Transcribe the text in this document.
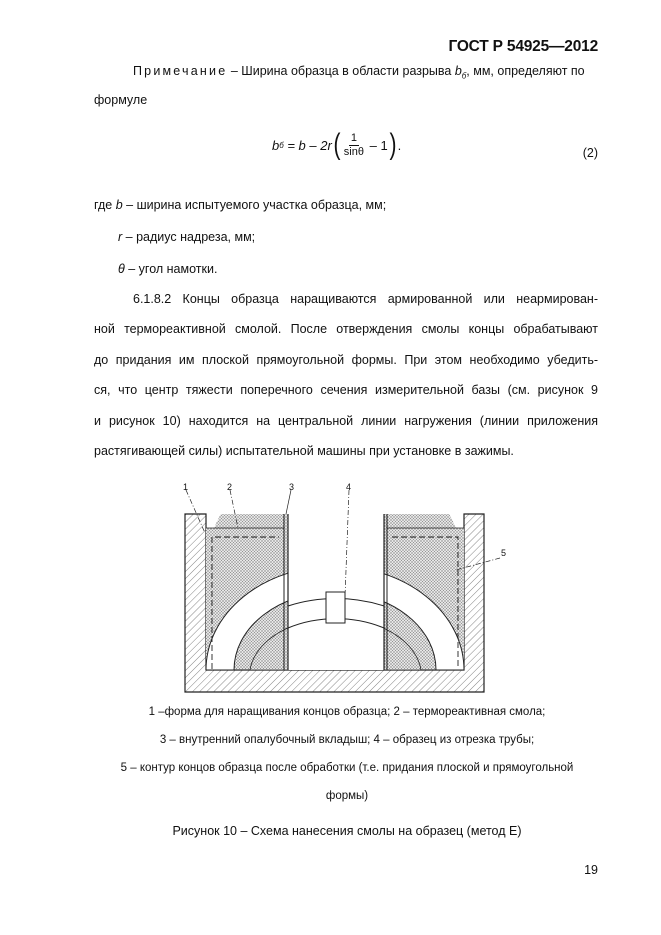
ГОСТ Р 54925—2012
Примечание – Ширина образца в области разрыва $b_б$, мм, определяют по
формуле
b б = b – 2r ( $\frac{1}{\sin\theta} - 1$ ) .
(2)
где b – ширина испытуемого участка образца, мм;
r – радиус надреза, мм;
θ – угол намотки.
6.1.8.2 Концы образца наращиваются армированной или неармирован-
ной термореактивной смолой. После отверждения смолы концы обрабатывают
до придания им плоской прямоугольной формы. При этом необходимо убедить-
ся, что центр тяжести поперечного сечения измерительной базы (см. рисунок 9
и рисунок 10) находится на центральной линии нагружения (линии приложения
растягивающей силы) испытательной машины при установке в зажимы.
1	2	3	4
5
1 –форма для наращивания концов образца; 2 – термореактивная смола;
3 – внутренний опалубочный вкладыш; 4 – образец из отрезка трубы;
5 – контур концов образца после обработки (т.е. придания плоской и прямоугольной
формы)
Рисунок 10 – Схема нанесения смолы на образец (метод Е)
19
